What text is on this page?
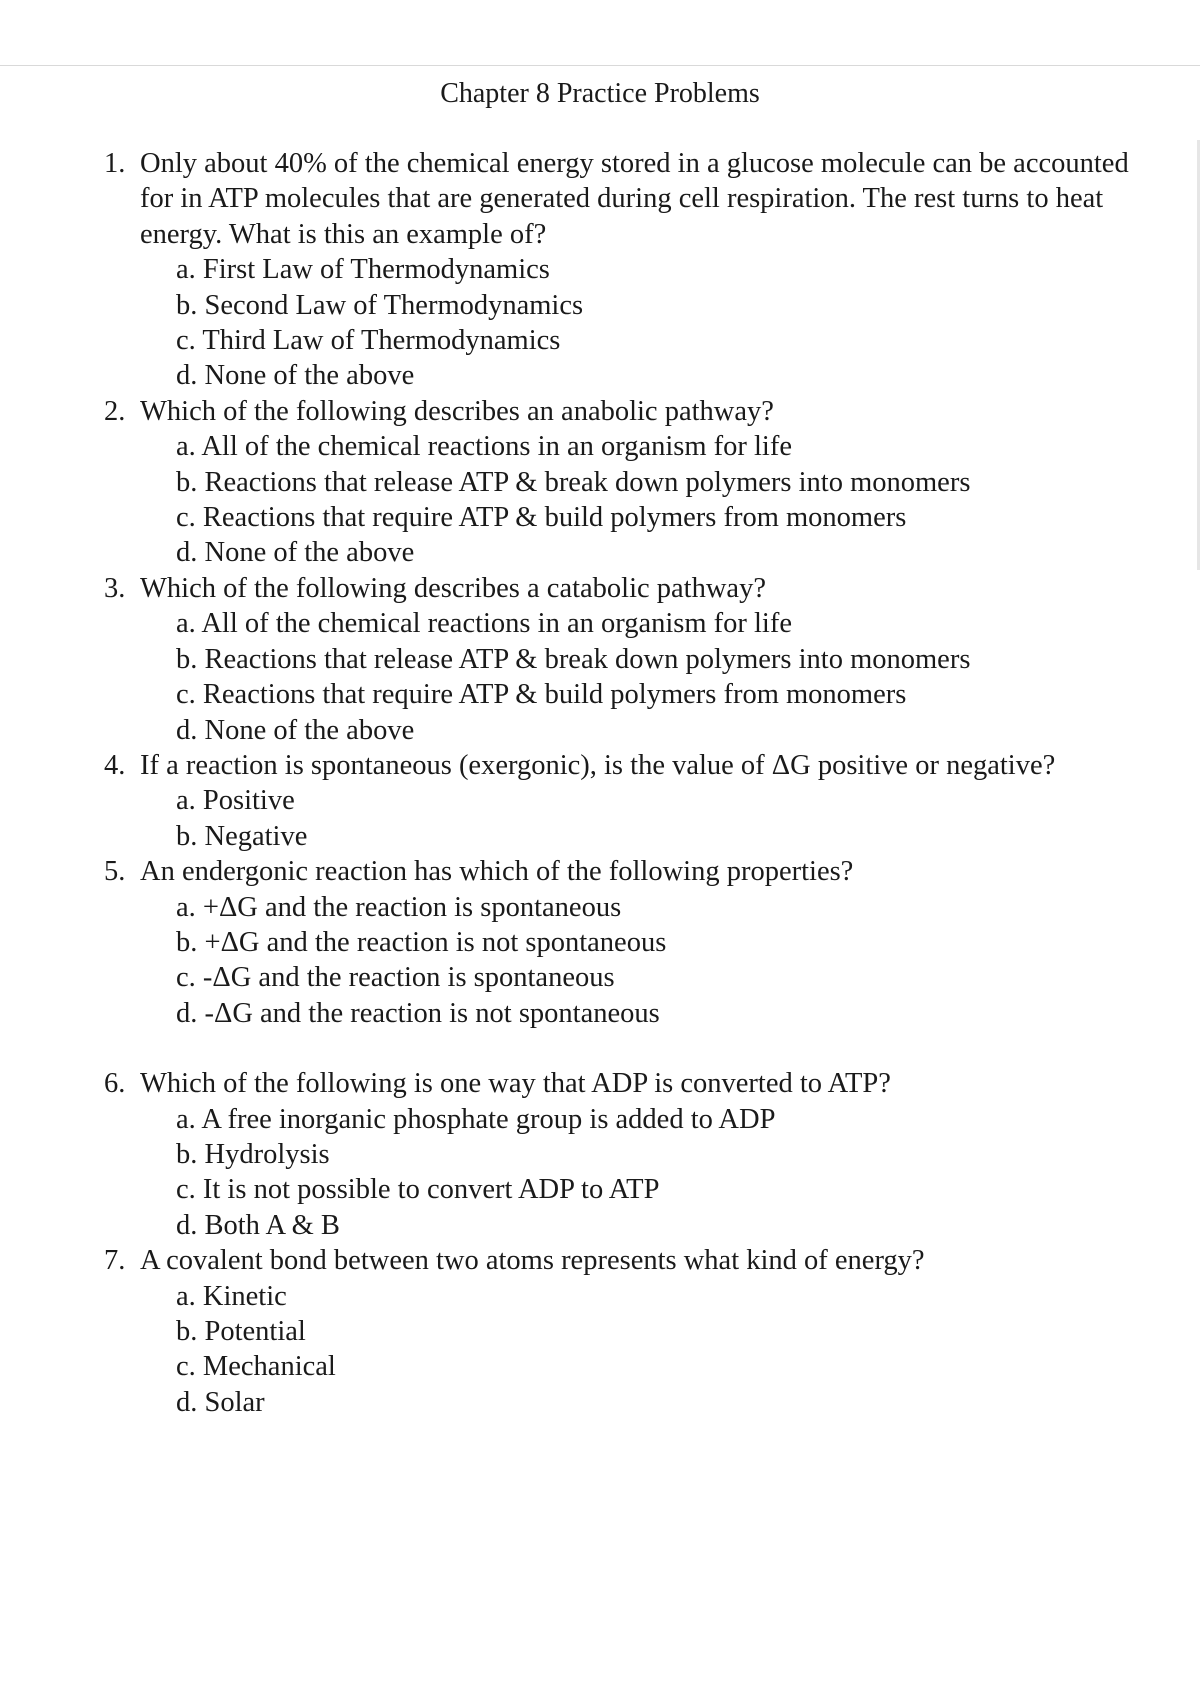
Chapter 8 Practice Problems
1. Only about 40% of the chemical energy stored in a glucose molecule can be accounted for in ATP molecules that are generated during cell respiration. The rest turns to heat energy. What is this an example of?

a. First Law of Thermodynamics
b. Second Law of Thermodynamics
c. Third Law of Thermodynamics
d. None of the above
2. Which of the following describes an anabolic pathway?

a. All of the chemical reactions in an organism for life
b. Reactions that release ATP & break down polymers into monomers
c. Reactions that require ATP & build polymers from monomers
d. None of the above
3. Which of the following describes a catabolic pathway?

a. All of the chemical reactions in an organism for life
b. Reactions that release ATP & break down polymers into monomers
c. Reactions that require ATP & build polymers from monomers
d. None of the above
4. If a reaction is spontaneous (exergonic), is the value of ΔG positive or negative?

a. Positive
b. Negative
5. An endergonic reaction has which of the following properties?

a. +ΔG and the reaction is spontaneous
b. +ΔG and the reaction is not spontaneous
c. -ΔG and the reaction is spontaneous
d. -ΔG and the reaction is not spontaneous
6. Which of the following is one way that ADP is converted to ATP?

a. A free inorganic phosphate group is added to ADP
b. Hydrolysis
c. It is not possible to convert ADP to ATP
d. Both A & B
7. A covalent bond between two atoms represents what kind of energy?

a. Kinetic
b. Potential
c. Mechanical
d. Solar
